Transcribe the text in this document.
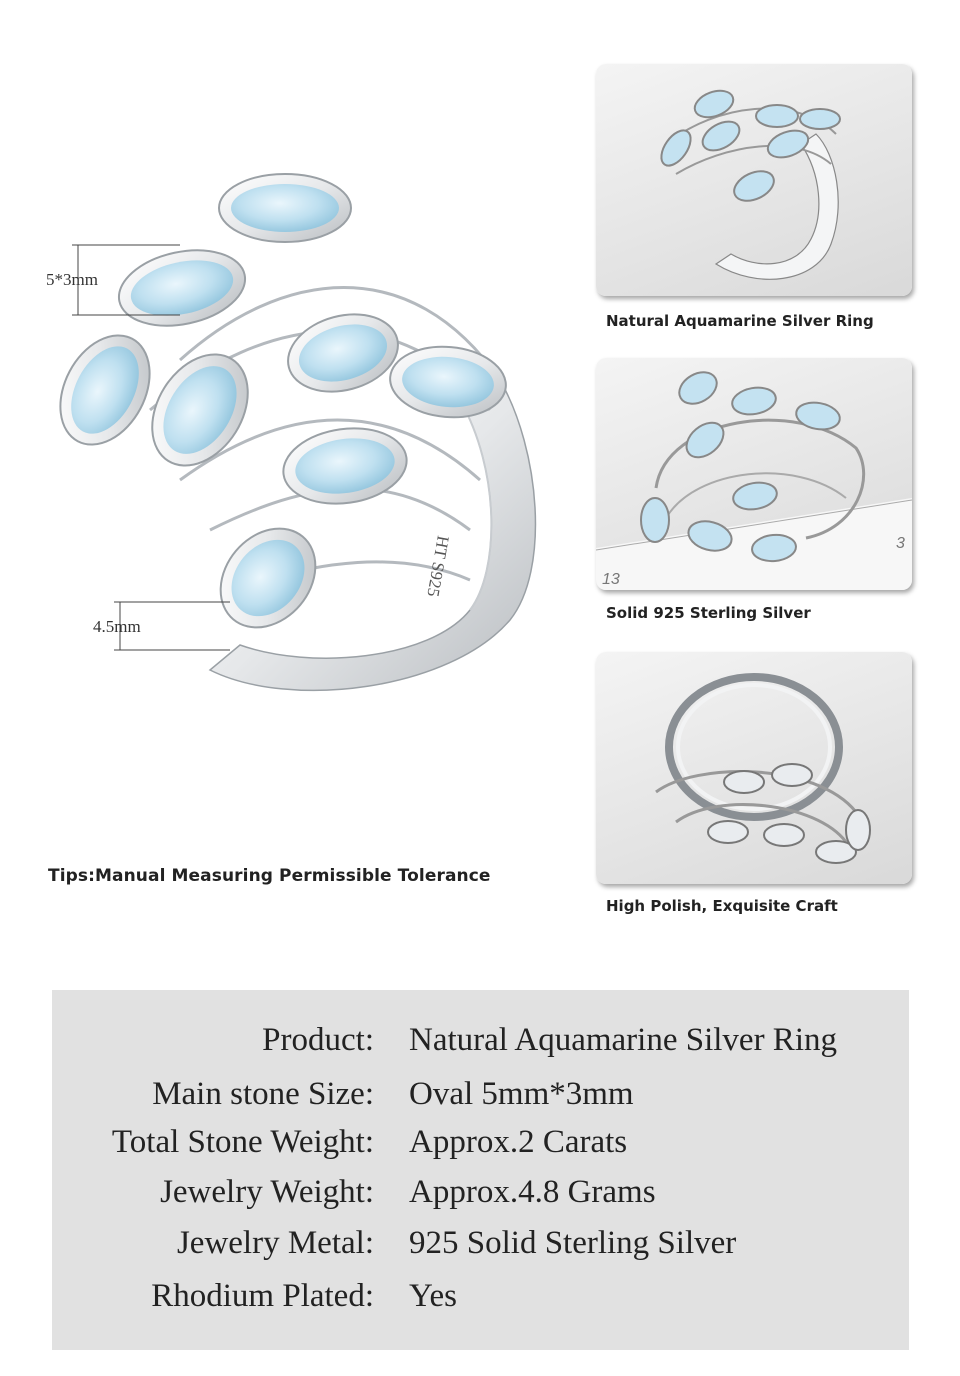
HT S925
5*3mm
4.5mm
Tips:Manual Measuring Permissible Tolerance
Natural Aquamarine Silver Ring
13
3
Solid 925 Sterling Silver
High Polish, Exquisite Craft
Product: Natural Aquamarine Silver Ring
Main stone Size: Oval 5mm*3mm
Total Stone Weight: Approx.2 Carats
Jewelry Weight: Approx.4.8 Grams
Jewelry Metal: 925 Solid Sterling Silver
Rhodium Plated: Yes
